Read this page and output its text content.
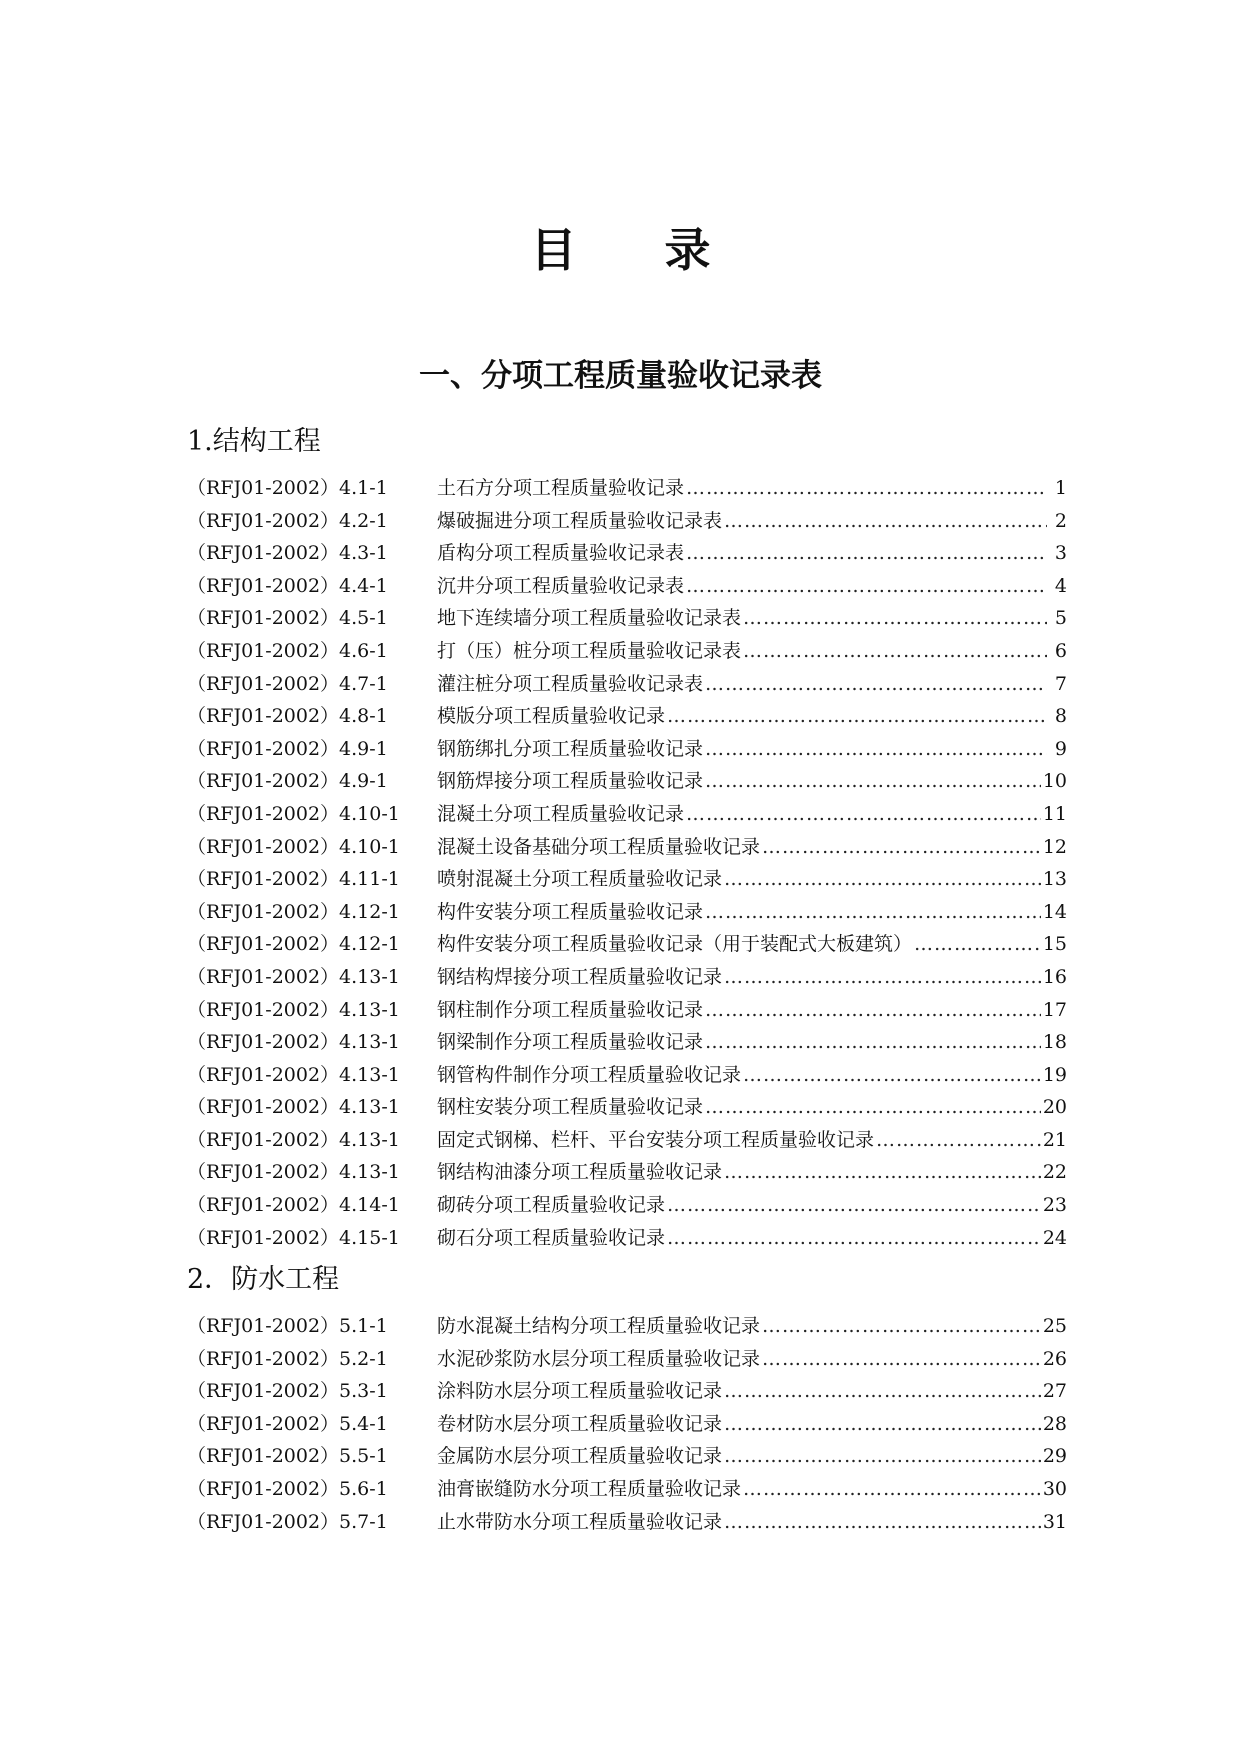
目录
一、分项工程质量验收记录表
1.结构工程
（RFJ01-2002）4.1-1	土石方分项工程质量验收记录 ……………………………………………………………………………………………………………………………………………	1
（RFJ01-2002）4.2-1	爆破掘进分项工程质量验收记录表 ……………………………………………………………………………………………………………………………………………	2
（RFJ01-2002）4.3-1	盾构分项工程质量验收记录表 ……………………………………………………………………………………………………………………………………………	3
（RFJ01-2002）4.4-1	沉井分项工程质量验收记录表 ……………………………………………………………………………………………………………………………………………	4
（RFJ01-2002）4.5-1	地下连续墙分项工程质量验收记录表 ……………………………………………………………………………………………………………………………………………	5
（RFJ01-2002）4.6-1	打（压）桩分项工程质量验收记录表 ……………………………………………………………………………………………………………………………………………	6
（RFJ01-2002）4.7-1	灌注桩分项工程质量验收记录表 ……………………………………………………………………………………………………………………………………………	7
（RFJ01-2002）4.8-1	模版分项工程质量验收记录 ……………………………………………………………………………………………………………………………………………	8
（RFJ01-2002）4.9-1	钢筋绑扎分项工程质量验收记录 ……………………………………………………………………………………………………………………………………………	9
（RFJ01-2002）4.9-1	钢筋焊接分项工程质量验收记录 ……………………………………………………………………………………………………………………………………………	10
（RFJ01-2002）4.10-1	混凝土分项工程质量验收记录 ……………………………………………………………………………………………………………………………………………	11
（RFJ01-2002）4.10-1	混凝土设备基础分项工程质量验收记录 ……………………………………………………………………………………………………………………………………………	12
（RFJ01-2002）4.11-1	喷射混凝土分项工程质量验收记录 ……………………………………………………………………………………………………………………………………………	13
（RFJ01-2002）4.12-1	构件安装分项工程质量验收记录 ……………………………………………………………………………………………………………………………………………	14
（RFJ01-2002）4.12-1	构件安装分项工程质量验收记录（用于装配式大板建筑） ……………………………………………………………………………………………………………………………………………	15
（RFJ01-2002）4.13-1	钢结构焊接分项工程质量验收记录 ……………………………………………………………………………………………………………………………………………	16
（RFJ01-2002）4.13-1	钢柱制作分项工程质量验收记录 ……………………………………………………………………………………………………………………………………………	17
（RFJ01-2002）4.13-1	钢梁制作分项工程质量验收记录 ……………………………………………………………………………………………………………………………………………	18
（RFJ01-2002）4.13-1	钢管构件制作分项工程质量验收记录 ……………………………………………………………………………………………………………………………………………	19
（RFJ01-2002）4.13-1	钢柱安装分项工程质量验收记录 ……………………………………………………………………………………………………………………………………………	20
（RFJ01-2002）4.13-1	固定式钢梯、栏杆、平台安装分项工程质量验收记录 ……………………………………………………………………………………………………………………………………………	21
（RFJ01-2002）4.13-1	钢结构油漆分项工程质量验收记录 ……………………………………………………………………………………………………………………………………………	22
（RFJ01-2002）4.14-1	砌砖分项工程质量验收记录 ……………………………………………………………………………………………………………………………………………	23
（RFJ01-2002）4.15-1	砌石分项工程质量验收记录 ……………………………………………………………………………………………………………………………………………	24
2．防水工程
（RFJ01-2002）5.1-1	防水混凝土结构分项工程质量验收记录 ……………………………………………………………………………………………………………………………………………	25
（RFJ01-2002）5.2-1	水泥砂浆防水层分项工程质量验收记录 ……………………………………………………………………………………………………………………………………………	26
（RFJ01-2002）5.3-1	涂料防水层分项工程质量验收记录 ……………………………………………………………………………………………………………………………………………	27
（RFJ01-2002）5.4-1	卷材防水层分项工程质量验收记录 ……………………………………………………………………………………………………………………………………………	28
（RFJ01-2002）5.5-1	金属防水层分项工程质量验收记录 ……………………………………………………………………………………………………………………………………………	29
（RFJ01-2002）5.6-1	油膏嵌缝防水分项工程质量验收记录 ……………………………………………………………………………………………………………………………………………	30
（RFJ01-2002）5.7-1	止水带防水分项工程质量验收记录 ……………………………………………………………………………………………………………………………………………	31
